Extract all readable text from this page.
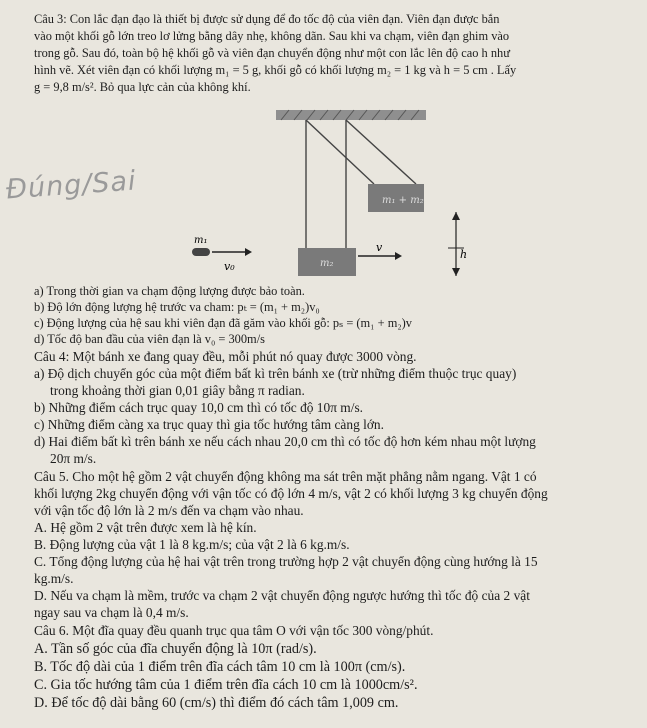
Câu 3: Con lắc đạn đạo là thiết bị được sử dụng để đo tốc độ của viên đạn. Viên đạn được bắn
vào một khối gỗ lớn treo lơ lửng bằng dây nhẹ, không dãn. Sau khi va chạm, viên đạn ghim vào
trong gỗ. Sau đó, toàn bộ hệ khối gỗ và viên đạn chuyển động như một con lắc lên độ cao h như
hình vẽ. Xét viên đạn có khối lượng m₁ = 5 g, khối gỗ có khối lượng m₂ = 1 kg và h = 5 cm . Lấy
g = 9,8 m/s². Bỏ qua lực cản của không khí.
Đúng/Sai	m₁ + m₂
m₂
m₁
v₀
v
h
a) Trong thời gian va chạm động lượng được bảo toàn.
b) Độ lớn động lượng hệ trước va cham: pₜ = (m₁ + m₂)v₀
c) Động lượng của hệ sau khi viên đạn đã găm vào khối gỗ: pₛ = (m₁ + m₂)v
d) Tốc độ ban đầu của viên đạn là v₀ = 300m/s
Câu 4: Một bánh xe đang quay đều, mỗi phút nó quay được 3000 vòng.
a) Độ dịch chuyển góc của một điểm bất kì trên bánh xe (trừ những điểm thuộc trục quay)
trong khoảng thời gian 0,01 giây bằng π radian.
b) Những điểm cách trục quay 10,0 cm thì có tốc độ 10π m/s.
c) Những điểm càng xa trục quay thì gia tốc hướng tâm càng lớn.
d) Hai điểm bất kì trên bánh xe nếu cách nhau 20,0 cm thì có tốc độ hơn kém nhau một lượng
20π m/s.
Câu 5. Cho một hệ gồm 2 vật chuyển động không ma sát trên mặt phẳng nằm ngang. Vật 1 có
khối lượng 2kg chuyển động với vận tốc có độ lớn 4 m/s, vật 2 có khối lượng 3 kg chuyển động
với vận tốc độ lớn là 2 m/s đến va chạm vào nhau.
A. Hệ gồm 2 vật trên được xem là hệ kín.
B. Động lượng của vật 1 là 8 kg.m/s; của vật 2 là 6 kg.m/s.
C. Tổng động lượng của hệ hai vật trên trong trường hợp 2 vật chuyển động cùng hướng là 15
kg.m/s.
D. Nếu va chạm là mềm, trước va chạm 2 vật chuyển động ngược hướng thì tốc độ của 2 vật
ngay sau va chạm là 0,4 m/s.
Câu 6. Một đĩa quay đều quanh trục qua tâm O với vận tốc 300 vòng/phút.
A. Tần số góc của đĩa chuyển động là 10π (rad/s).
B. Tốc độ dài của 1 điểm trên đĩa cách tâm 10 cm là 100π (cm/s).
C. Gia tốc hướng tâm của 1 điểm trên đĩa cách 10 cm là 1000cm/s².
D. Để tốc độ dài bằng 60 (cm/s) thì điểm đó cách tâm 1,009 cm.
